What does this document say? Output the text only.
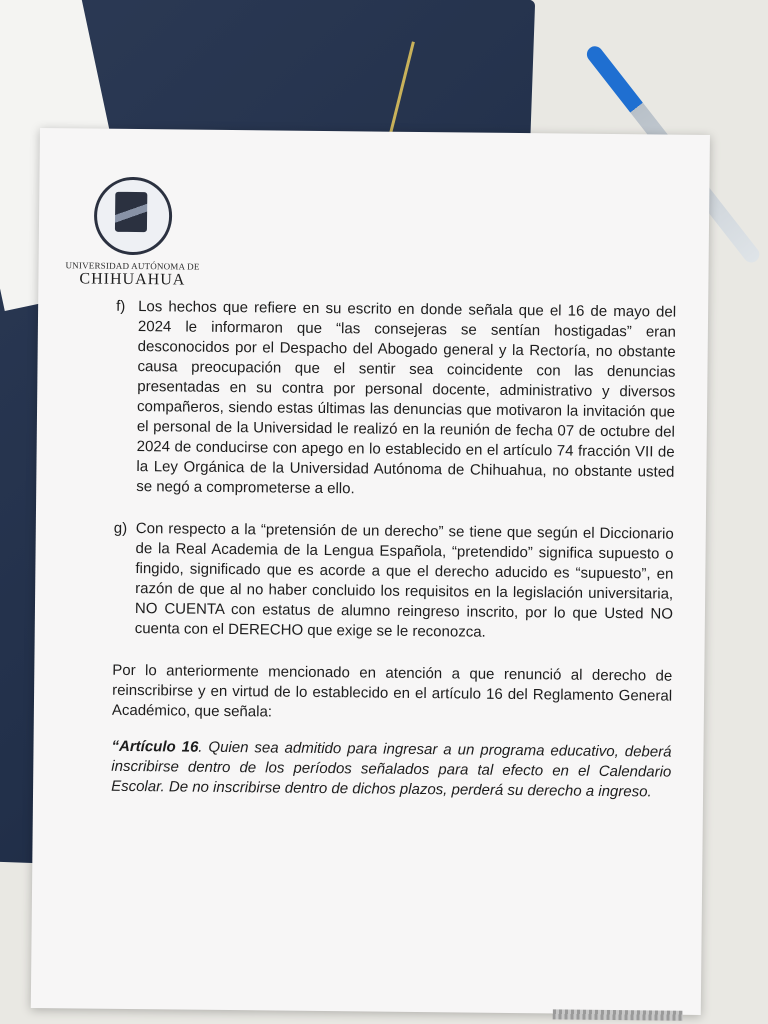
UNIVERSIDAD AUTÓNOMA DE
CHIHUAHUA
f) Los hechos que refiere en su escrito en donde señala que el 16 de mayo del 2024 le informaron que “las consejeras se sentían hostigadas” eran desconocidos por el Despacho del Abogado general y la Rectoría, no obstante causa preocupación que el sentir sea coincidente con las denuncias presentadas en su contra por personal docente, administrativo y diversos compañeros, siendo estas últimas las denuncias que motivaron la invitación que el personal de la Universidad le realizó en la reunión de fecha 07 de octubre del 2024 de conducirse con apego en lo establecido en el artículo 74 fracción VII de la Ley Orgánica de la Universidad Autónoma de Chihuahua, no obstante usted se negó a comprometerse a ello.
g) Con respecto a la “pretensión de un derecho” se tiene que según el Diccionario de la Real Academia de la Lengua Española, “pretendido” significa supuesto o fingido, significado que es acorde a que el derecho aducido es “supuesto”, en razón de que al no haber concluido los requisitos en la legislación universitaria, NO CUENTA con estatus de alumno reingreso inscrito, por lo que Usted NO cuenta con el DERECHO que exige se le reconozca.
Por lo anteriormente mencionado en atención a que renunció al derecho de reinscribirse y en virtud de lo establecido en el artículo 16 del Reglamento General Académico, que señala:
“Artículo 16. Quien sea admitido para ingresar a un programa educativo, deberá inscribirse dentro de los períodos señalados para tal efecto en el Calendario Escolar. De no inscribirse dentro de dichos plazos, perderá su derecho a ingreso.
